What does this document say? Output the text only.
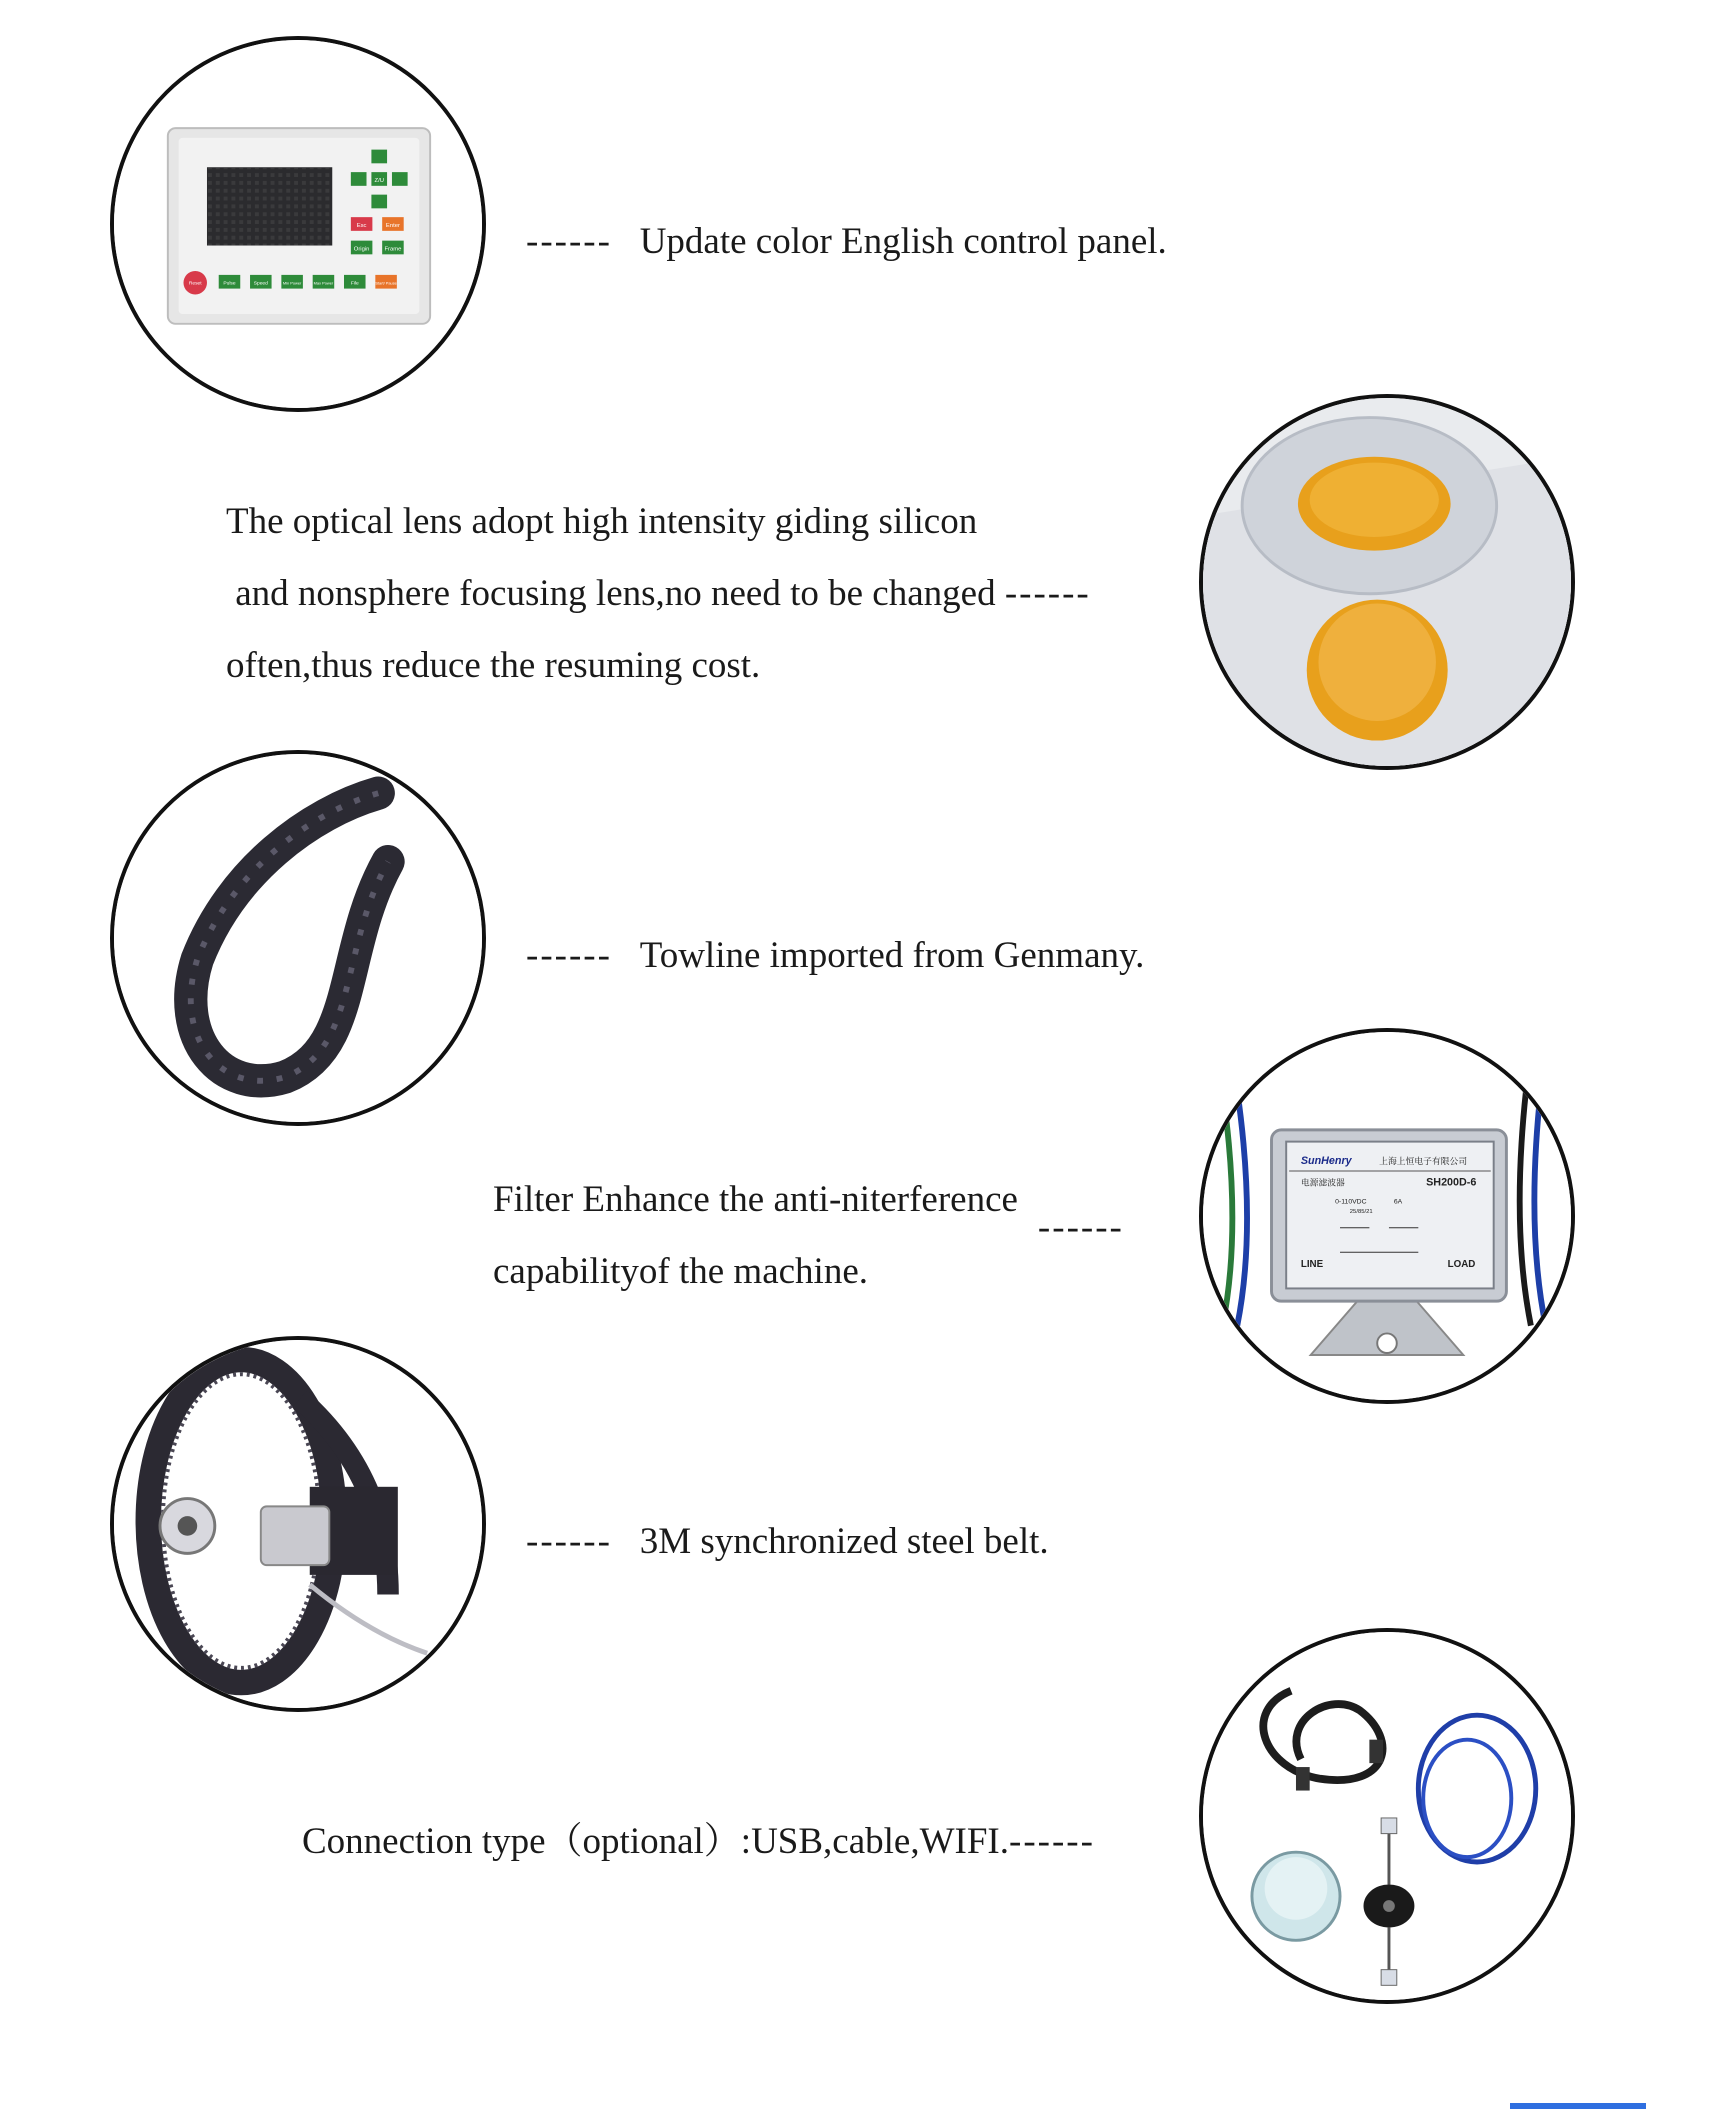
Z/U
Esc	Enter
Origin	Frame
Reset	Pulse	Speed	Min Power	Max Power	File	Start/ Pause
------ Update color English control panel.
The optical lens adopt high intensity giding silicon
and nonsphere focusing lens,no need to be changed ------
often,thus reduce the resuming cost.
------ Towline imported from Genmany.
Filter Enhance the anti-niterference------
capabilityof the machine.
SunHenry	上海上恒电子有限公司
电源滤波器	SH200D-6
0-110VDC	6A
25/85/21
LINE	LOAD
------ 3M synchronized steel belt.
Connection type（optional）:USB,cable,WIFI.------
